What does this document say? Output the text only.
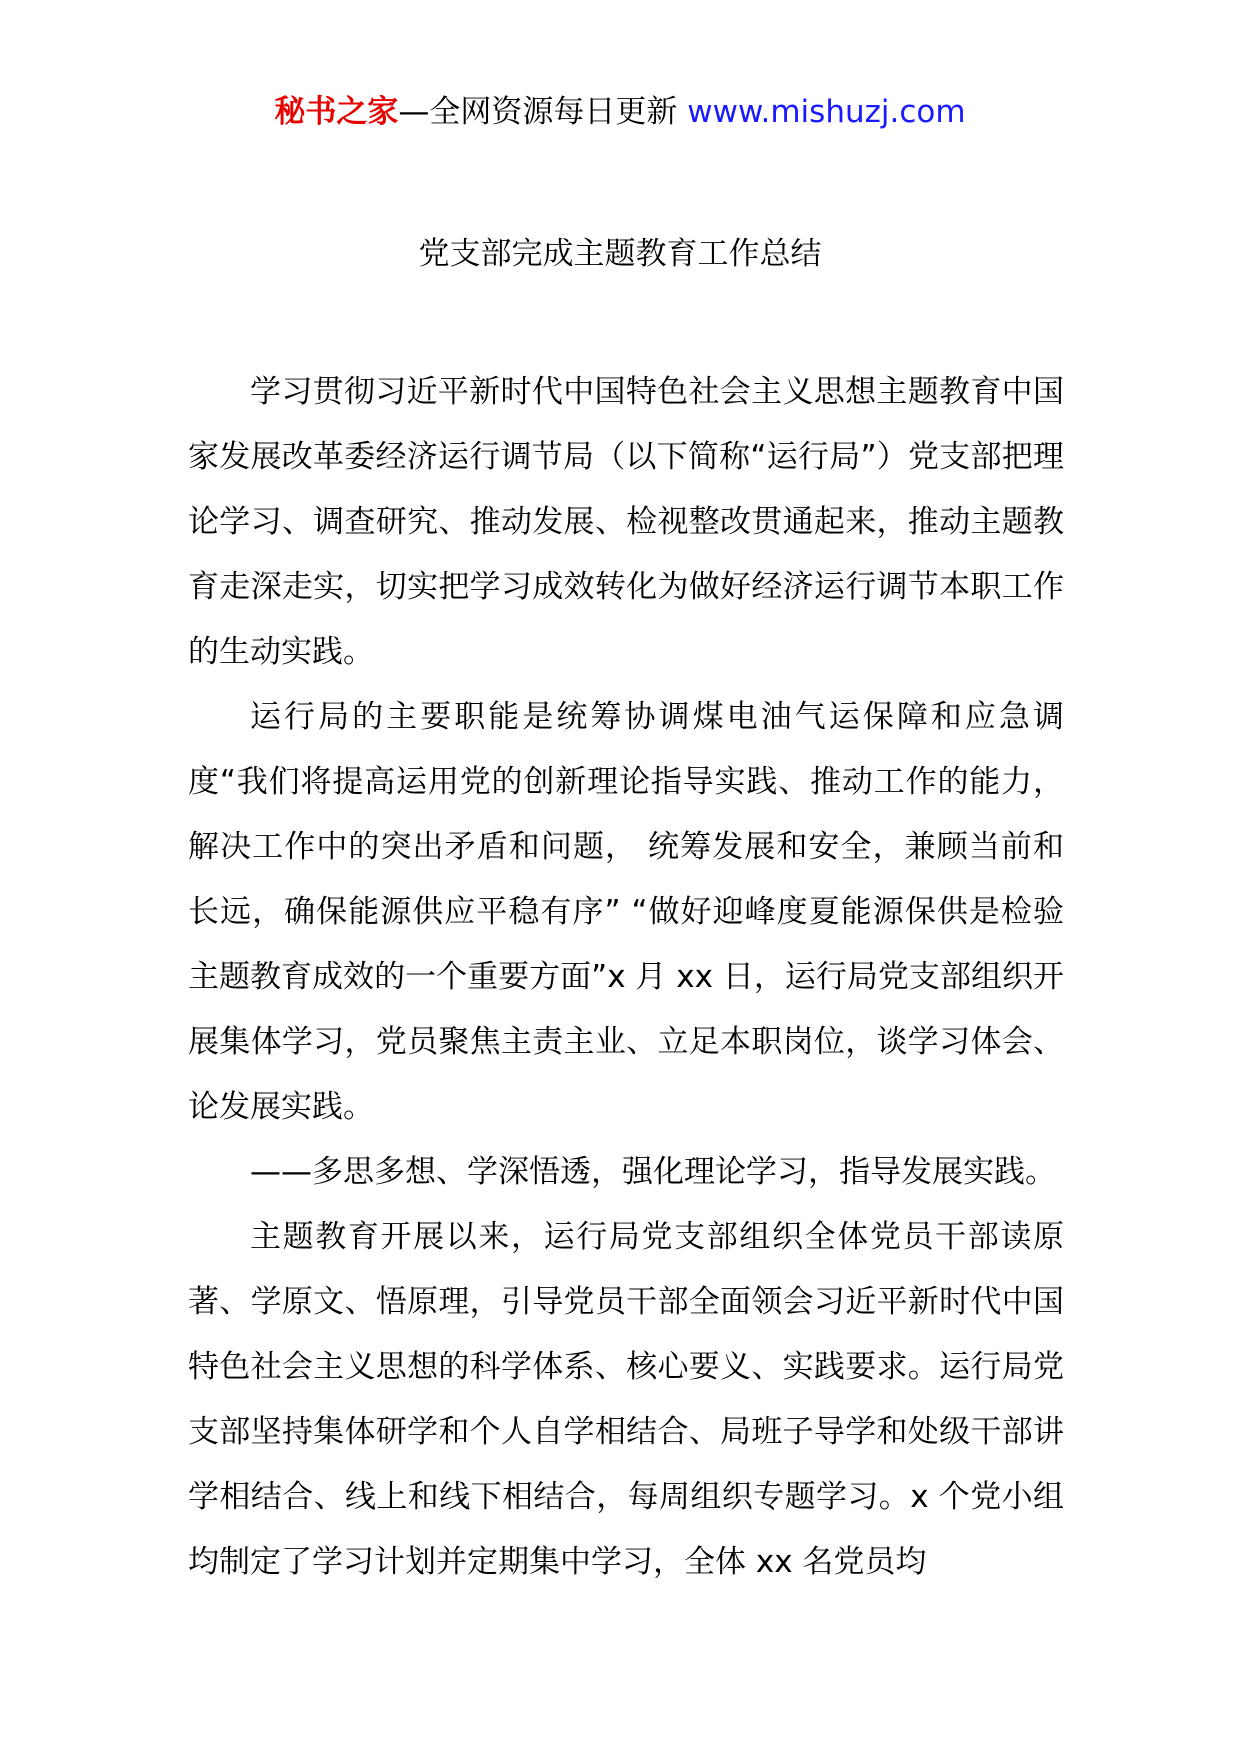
秘书之家—全网资源每日更新 www.mishuzj.com
党支部完成主题教育工作总结

学习贯彻习近平新时代中国特色社会主义思想主题教育中国家发展改革委经济运行调节局（以下简称“运行局”）党支部把理论学习、调查研究、推动发展、检视整改贯通起来，推动主题教育走深走实，切实把学习成效转化为做好经济运行调节本职工作的生动实践。

运行局的主要职能是统筹协调煤电油气运保障和应急调度“我们将提高运用党的创新理论指导实践、推动工作的能力，解决工作中的突出矛盾和问题， 统筹发展和安全，兼顾当前和长远，确保能源供应平稳有序” “做好迎峰度夏能源保供是检验主题教育成效的一个重要方面”x 月 xx 日，运行局党支部组织开展集体学习，党员聚焦主责主业、立足本职岗位，谈学习体会、论发展实践。

——多思多想、学深悟透，强化理论学习，指导发展实践。

主题教育开展以来，运行局党支部组织全体党员干部读原著、学原文、悟原理，引导党员干部全面领会习近平新时代中国特色社会主义思想的科学体系、核心要义、实践要求。运行局党支部坚持集体研学和个人自学相结合、局班子导学和处级干部讲学相结合、线上和线下相结合，每周组织专题学习。x 个党小组均制定了学习计划并定期集中学习，全体 xx 名党员均
